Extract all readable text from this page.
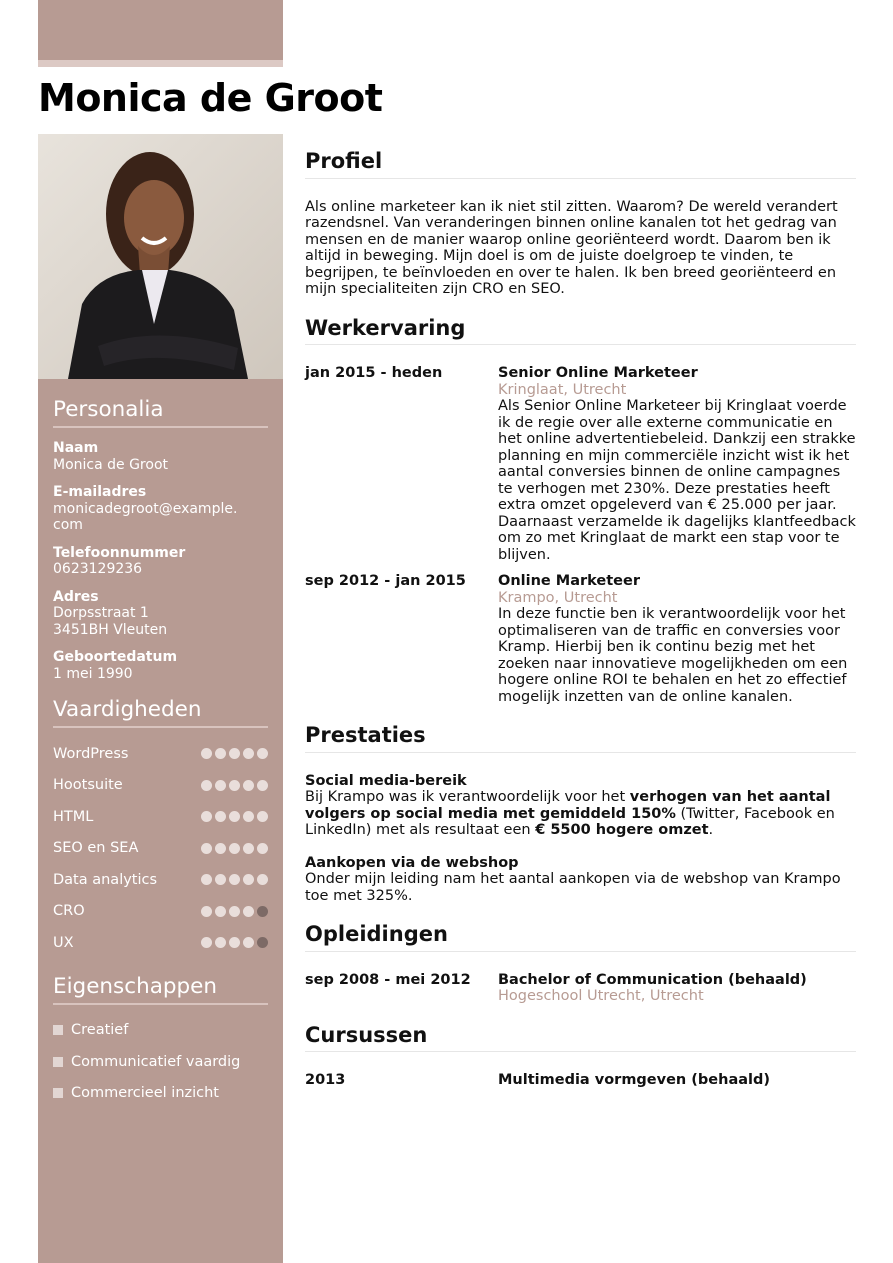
Monica de Groot
Personalia
Naam
Monica de Groot
E-mailadres
monicadegroot@example.
com
Telefoonnummer
0623129236
Adres
Dorpsstraat 1
3451BH Vleuten
Geboortedatum
1 mei 1990
Vaardigheden
WordPress
Hootsuite
HTML
SEO en SEA
Data analytics
CRO
UX
Eigenschappen
Creatief
Communicatief vaardig
Commercieel inzicht
Profiel

Als online marketeer kan ik niet stil zitten. Waarom? De wereld verandert razendsnel. Van veranderingen binnen online kanalen tot het gedrag van mensen en de manier waarop online georiënteerd wordt. Daarom ben ik altijd in beweging. Mijn doel is om de juiste doelgroep te vinden, te begrijpen, te beïnvloeden en over te halen. Ik ben breed georiënteerd en mijn specialiteiten zijn CRO en SEO.

Werkervaring
jan 2015 - heden	Senior Online Marketeer
Kringlaat, Utrecht
Als Senior Online Marketeer bij Kringlaat voerde ik de regie over alle externe communicatie en het online advertentiebeleid. Dankzij een strakke planning en mijn commerciële inzicht wist ik het aantal conversies binnen de online campagnes te verhogen met 230%. Deze prestaties heeft extra omzet opgeleverd van € 25.000 per jaar. Daarnaast verzamelde ik dagelijks klantfeedback om zo met Kringlaat de markt een stap voor te blijven.
sep 2012 - jan 2015	Online Marketeer
Krampo, Utrecht
In deze functie ben ik verantwoordelijk voor het optimaliseren van de traffic en conversies voor Kramp. Hierbij ben ik continu bezig met het zoeken naar innovatieve mogelijkheden om een hogere online ROI te behalen en het zo effectief mogelijk inzetten van de online kanalen.
Prestaties
Social media-bereik
Bij Krampo was ik verantwoordelijk voor het verhogen van het aantal volgers op social media met gemiddeld 150% (Twitter, Facebook en LinkedIn) met als resultaat een € 5500 hogere omzet.
Aankopen via de webshop
Onder mijn leiding nam het aantal aankopen via de webshop van Krampo toe met 325%.
Opleidingen
sep 2008 - mei 2012	Bachelor of Communication (behaald)
Hogeschool Utrecht, Utrecht
Cursussen
2013	Multimedia vormgeven (behaald)
